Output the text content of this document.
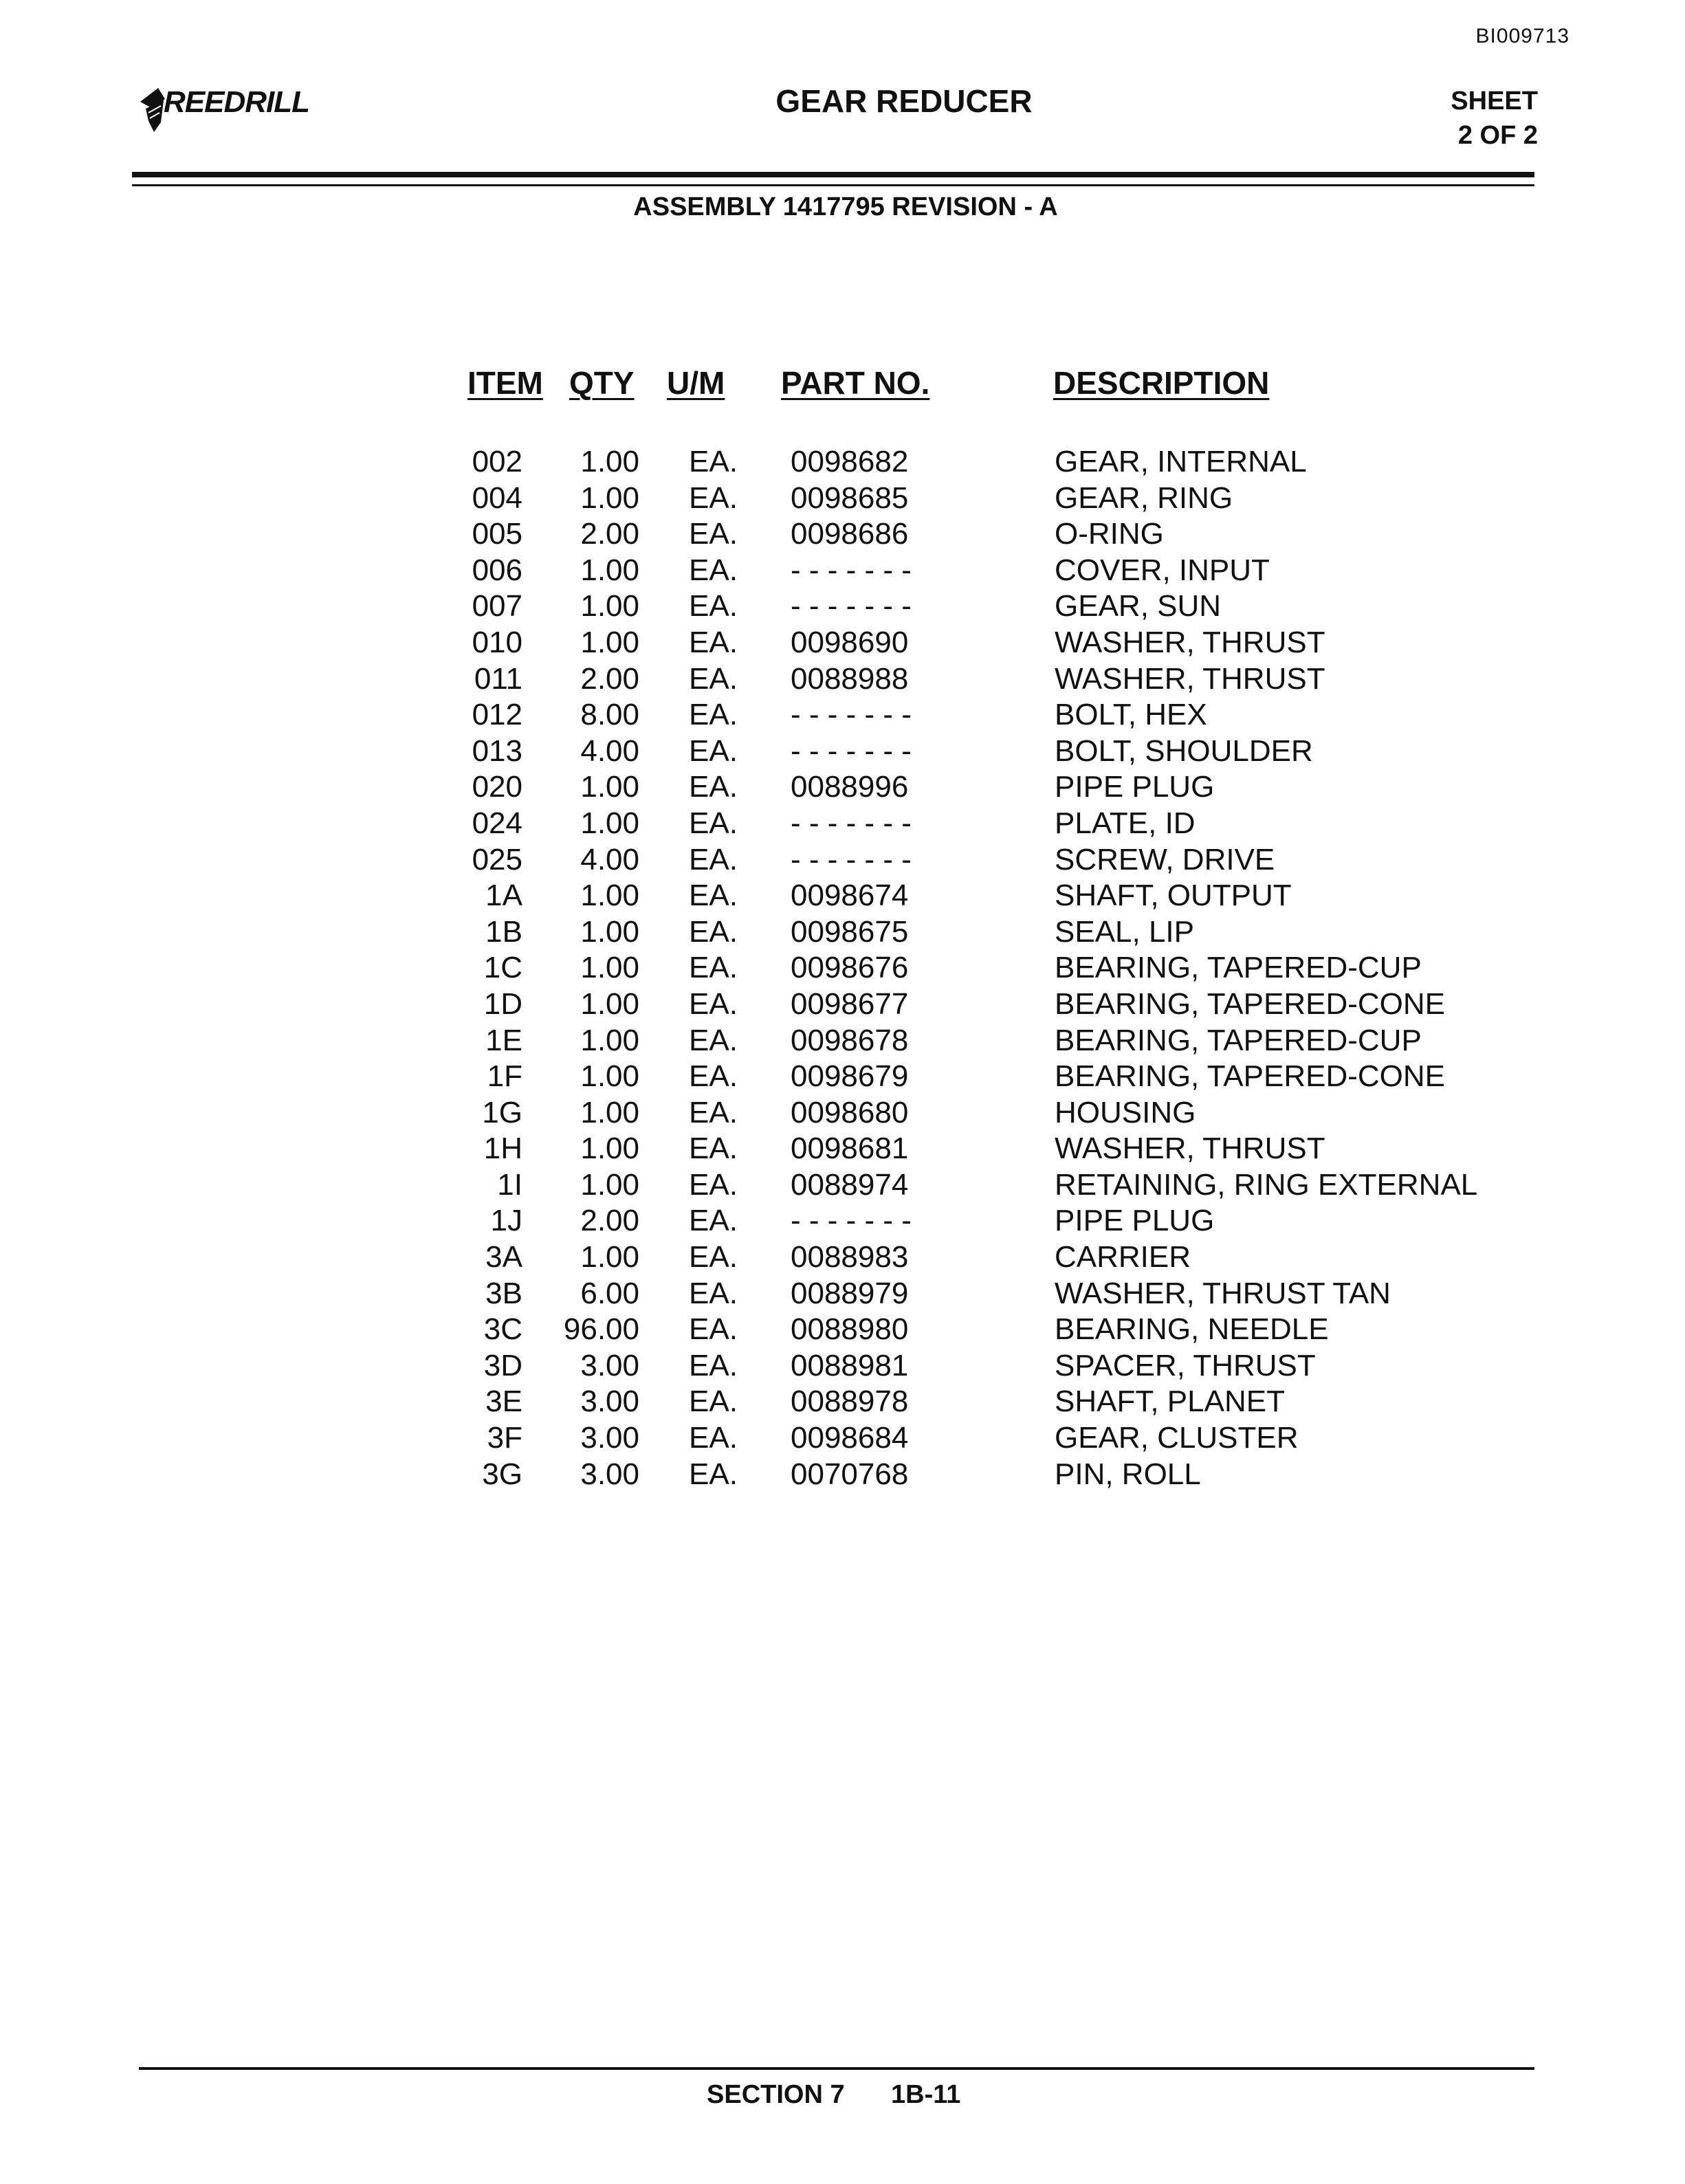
BI009713
REEDRILL	GEAR REDUCER	SHEET
2 OF 2
ASSEMBLY 1417795 REVISION - A
ITEM QTY U/M PART NO.	DESCRIPTION
002	1.00 EA. 0098682	GEAR, INTERNAL
004	1.00 EA. 0098685	GEAR, RING
005	2.00 EA. 0098686	O-RING
006	1.00 EA. - - - - - - -	COVER, INPUT
007	1.00 EA. - - - - - - -	GEAR, SUN
010	1.00 EA. 0098690	WASHER, THRUST
011	2.00 EA. 0088988	WASHER, THRUST
012	8.00 EA. - - - - - - -	BOLT, HEX
013	4.00 EA. - - - - - - -	BOLT, SHOULDER
020	1.00 EA. 0088996	PIPE PLUG
024	1.00 EA. - - - - - - -	PLATE, ID
025	4.00 EA. - - - - - - -	SCREW, DRIVE
1A	1.00 EA. 0098674	SHAFT, OUTPUT
1B	1.00 EA. 0098675	SEAL, LIP
1C	1.00 EA. 0098676	BEARING, TAPERED-CUP
1D	1.00 EA. 0098677	BEARING, TAPERED-CONE
1E	1.00 EA. 0098678	BEARING, TAPERED-CUP
1F	1.00 EA. 0098679	BEARING, TAPERED-CONE
1G	1.00 EA. 0098680	HOUSING
1H	1.00 EA. 0098681	WASHER, THRUST
1I	1.00 EA. 0088974	RETAINING, RING EXTERNAL
1J	2.00 EA. - - - - - - -	PIPE PLUG
3A	1.00 EA. 0088983	CARRIER
3B	6.00 EA. 0088979	WASHER, THRUST TAN
3C	96.00 EA. 0088980	BEARING, NEEDLE
3D	3.00 EA. 0088981	SPACER, THRUST
3E	3.00 EA. 0088978	SHAFT, PLANET
3F	3.00 EA. 0098684	GEAR, CLUSTER
3G	3.00 EA. 0070768	PIN, ROLL
SECTION 7 1B-11
